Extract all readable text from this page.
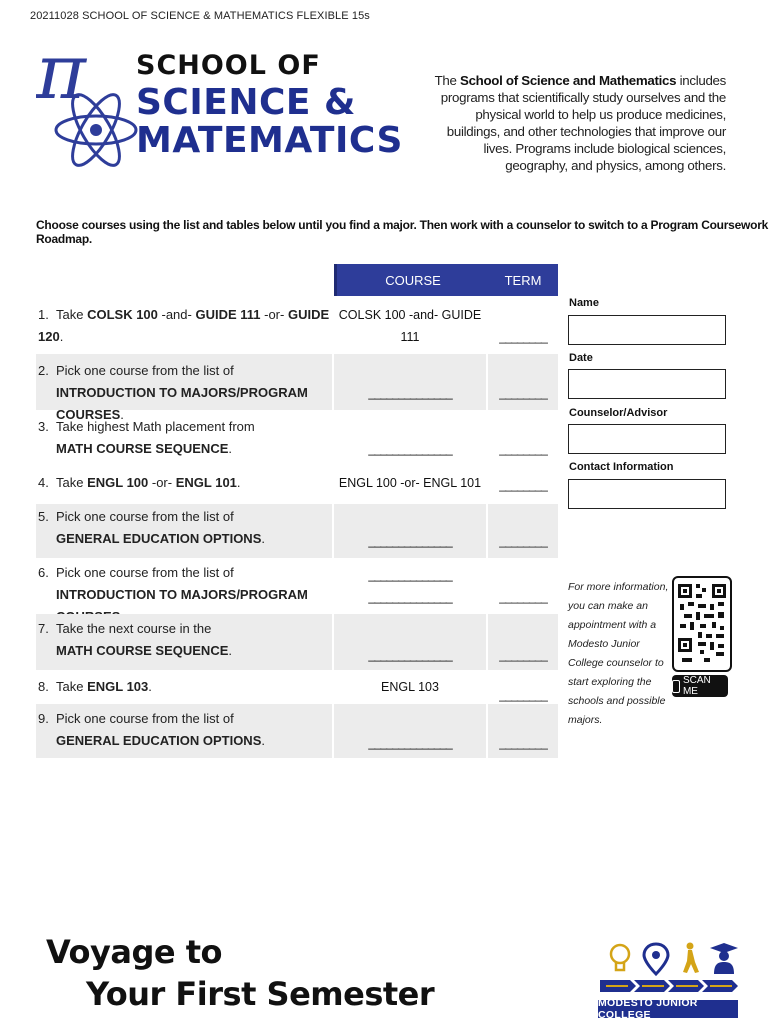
20211028 SCHOOL OF SCIENCE & MATHEMATICS FLEXIBLE 15s
π SCHOOL OF
SCIENCE &
MATEMATICS
The School of Science and Mathematics includes programs that scientifically study ourselves and the physical world to help us produce medicines, buildings, and other technologies that improve our lives. Programs include biological sciences, geography, and physics, among others.
Choose courses using the list and tables below until you find a major. Then work with a counselor to switch to a Program Coursework Roadmap.
COURSE	TERM
1. Take COLSK 100 -and- GUIDE 111 -or- GUIDE 120.
COLSK 100 -and- GUIDE 111	________
2. Pick one course from the list of
INTRODUCTION TO MAJORS/PROGRAM COURSES.
______________	________
3. Take highest Math placement from
MATH COURSE SEQUENCE.	______________	________
4. Take ENGL 100 -or- ENGL 101.	ENGL 100 -or- ENGL 101	________
5. Pick one course from the list of
GENERAL EDUCATION OPTIONS.	______________	________
6. Pick one course from the list of
INTRODUCTION TO MAJORS/PROGRAM
______________
______________	________
7. Take the next course in the
MATH COURSE SEQUENCE.	______________	________
8. Take ENGL 103.	ENGL 103
________
9. Pick one course from the list of
GENERAL EDUCATION OPTIONS.	______________	________
Name
Date
Counselor/Advisor
Contact Information
For more information, you can make an appointment with a Modesto Junior College counselor to start exploring the schools and possible majors.
SCAN ME
Voyage to
Your First Semester	MODESTO JUNIOR COLLEGE
